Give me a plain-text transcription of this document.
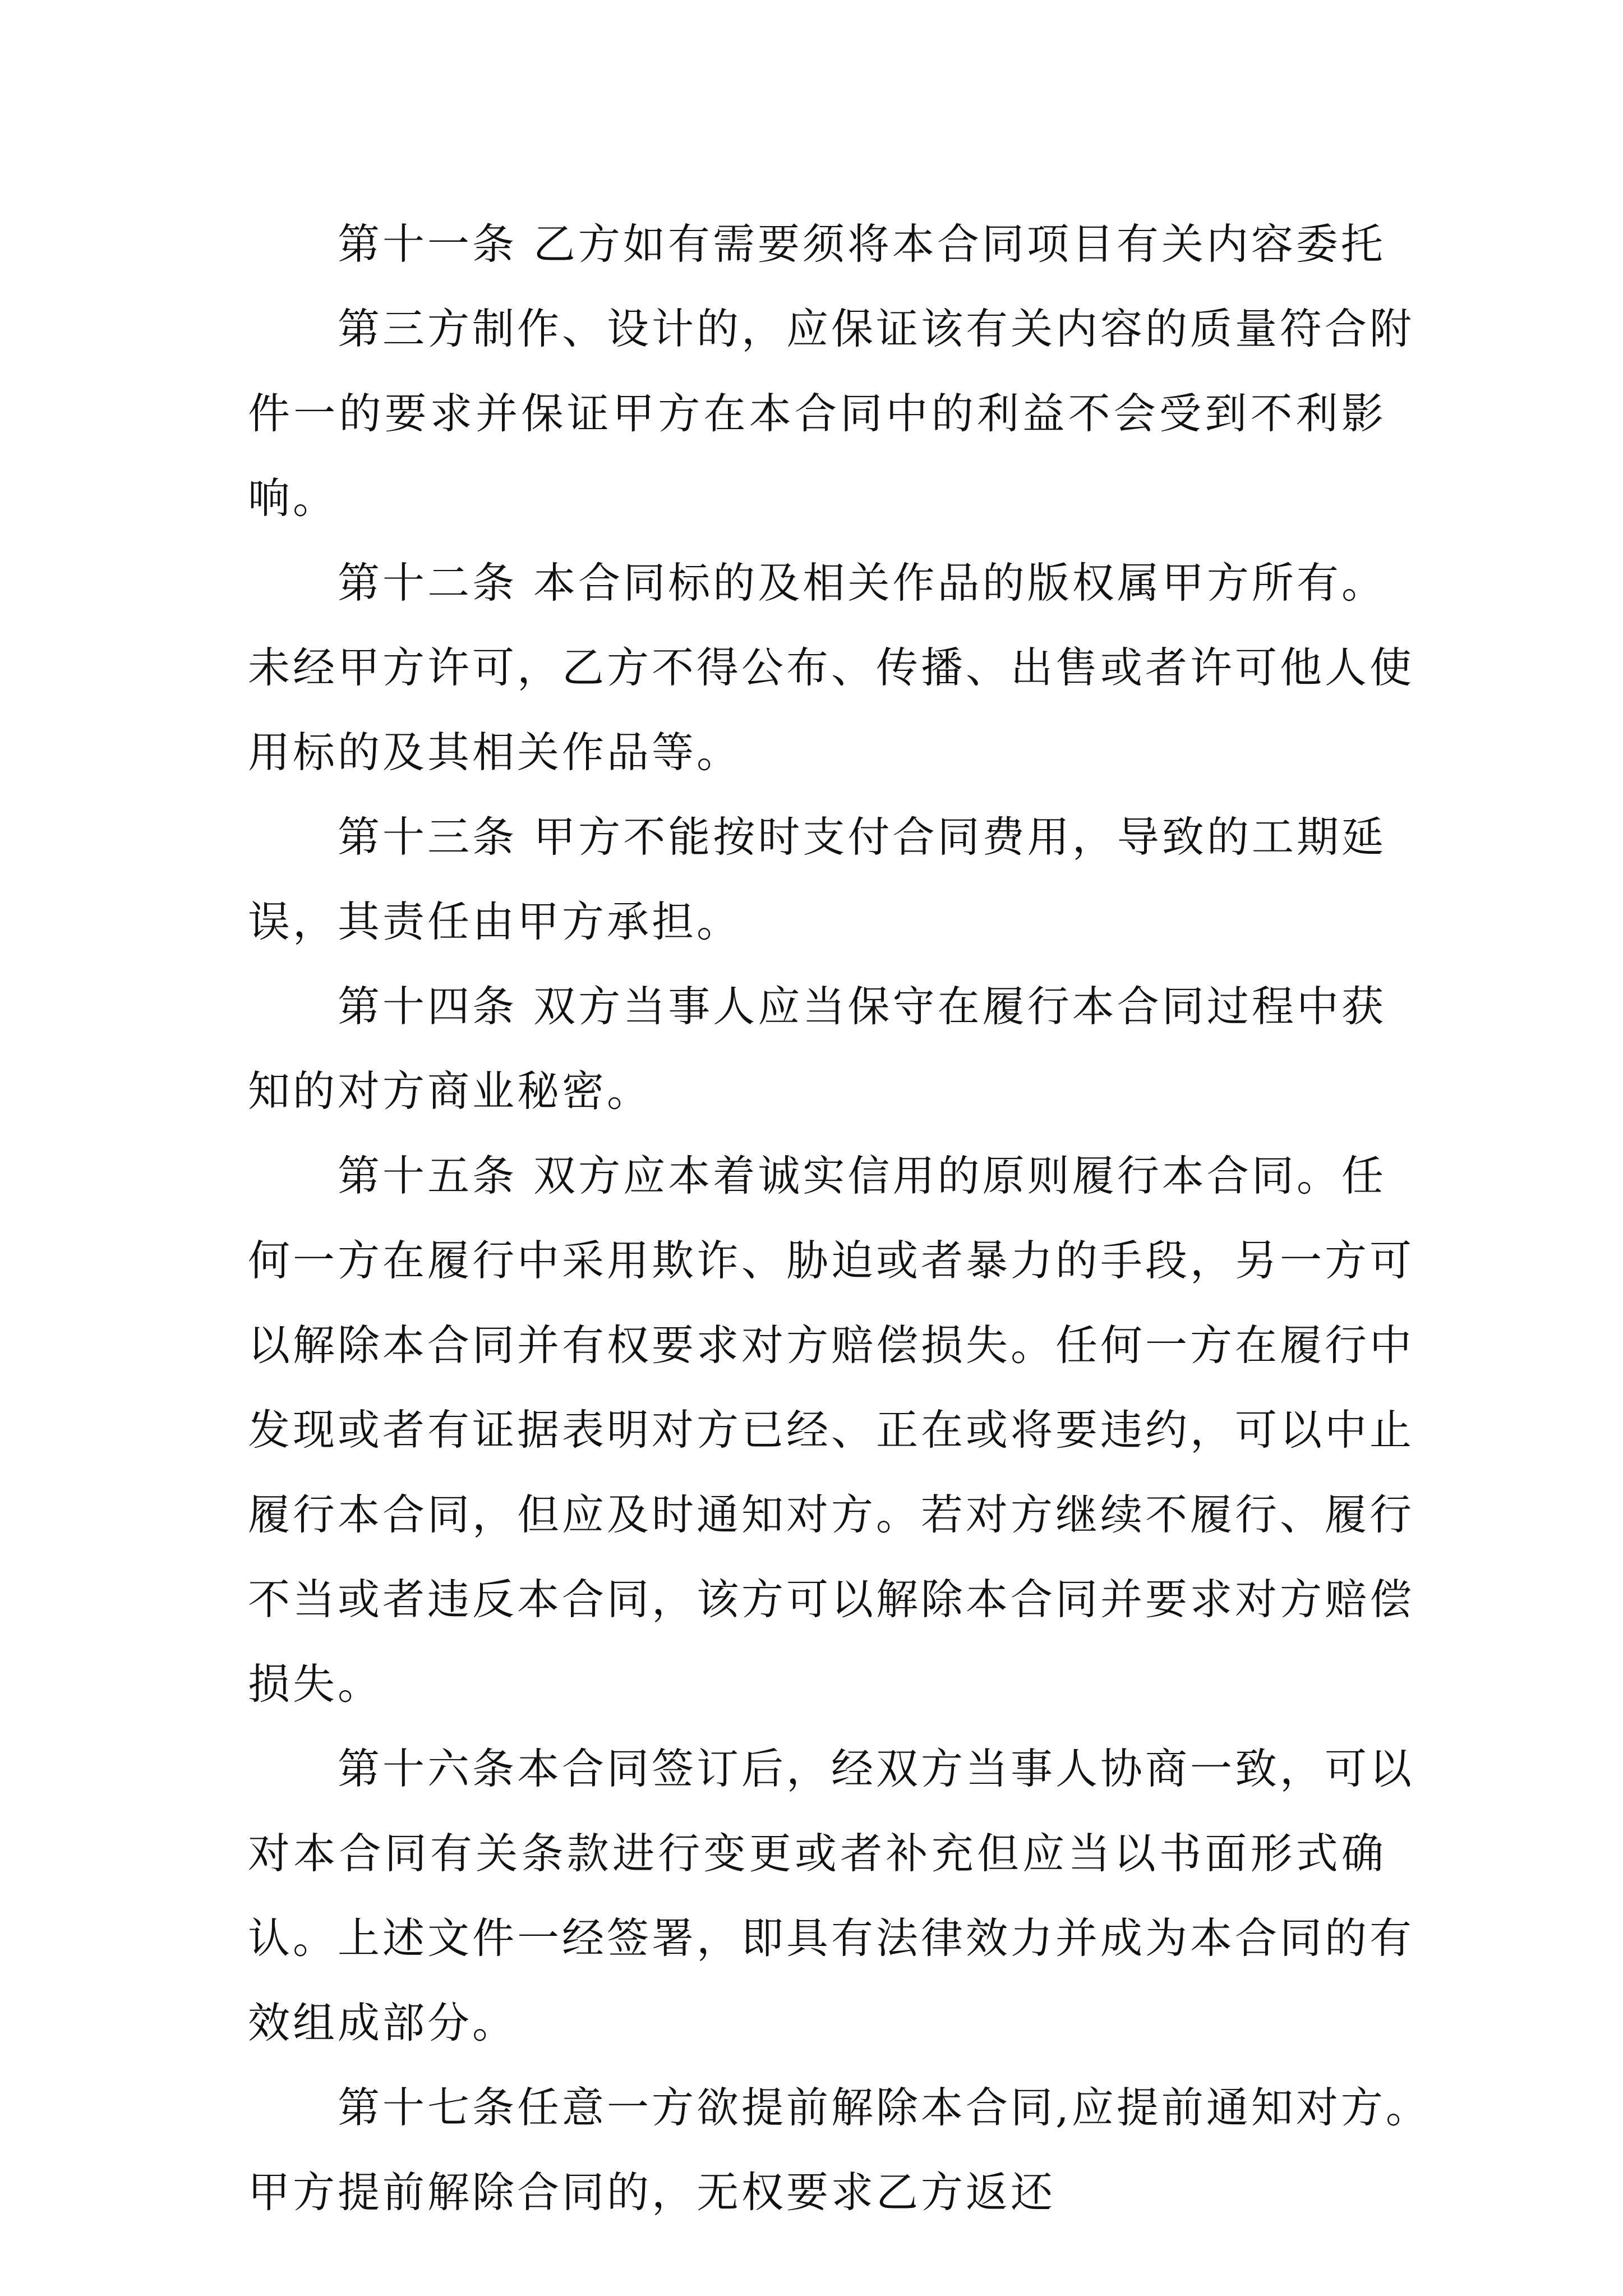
第十一条 乙方如有需要须将本合同项目有关内容委托
第三方制作、设计的，应保证该有关内容的质量符合附
件一的要求并保证甲方在本合同中的利益不会受到不利影
响。
第十二条 本合同标的及相关作品的版权属甲方所有。
未经甲方许可，乙方不得公布、传播、出售或者许可他人使
用标的及其相关作品等。
第十三条 甲方不能按时支付合同费用，导致的工期延
误，其责任由甲方承担。
第十四条 双方当事人应当保守在履行本合同过程中获
知的对方商业秘密。
第十五条 双方应本着诚实信用的原则履行本合同。任
何一方在履行中采用欺诈、胁迫或者暴力的手段，另一方可
以解除本合同并有权要求对方赔偿损失。任何一方在履行中
发现或者有证据表明对方已经、正在或将要违约，可以中止
履行本合同，但应及时通知对方。若对方继续不履行、履行
不当或者违反本合同，该方可以解除本合同并要求对方赔偿
损失。
第十六条本合同签订后，经双方当事人协商一致，可以
对本合同有关条款进行变更或者补充但应当以书面形式确
认。上述文件一经签署，即具有法律效力并成为本合同的有
效组成部分。
第十七条任意一方欲提前解除本合同,应提前通知对方。
甲方提前解除合同的，无权要求乙方返还
